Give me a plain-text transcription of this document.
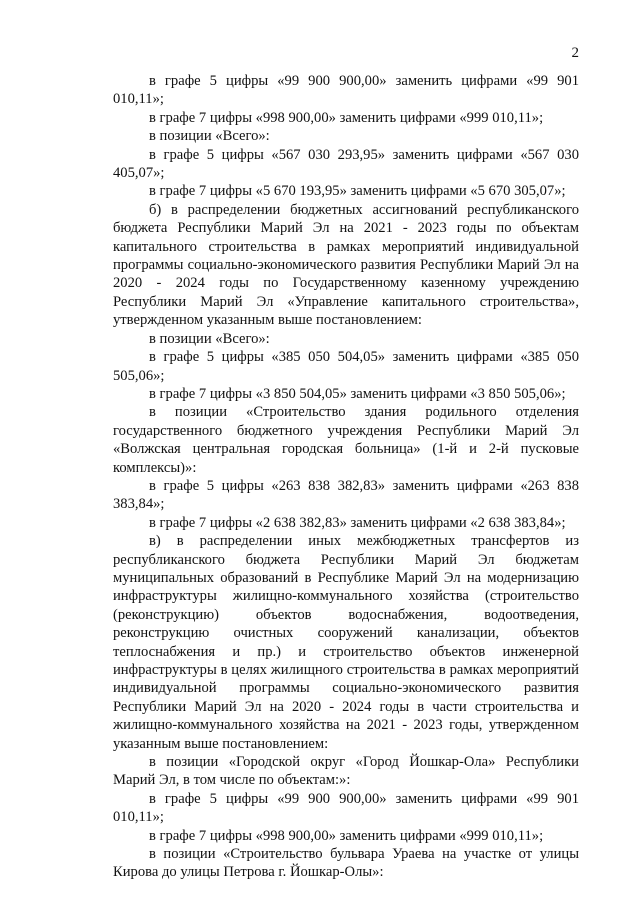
2

в графе 5 цифры «99 900 900,00» заменить цифрами «99 901 010,11»;

в графе 7 цифры «998 900,00» заменить цифрами «999 010,11»;

в позиции «Всего»:

в графе 5 цифры «567 030 293,95» заменить цифрами «567 030 405,07»;

в графе 7 цифры «5 670 193,95» заменить цифрами «5 670 305,07»;

б) в распределении бюджетных ассигнований республиканского бюджета Республики Марий Эл на 2021 - 2023 годы по объектам капитального строительства в рамках мероприятий индивидуальной программы социально-экономического развития Республики Марий Эл на 2020 - 2024 годы по Государственному казенному учреждению Республики Марий Эл «Управление капитального строительства», утвержденном указанным выше постановлением:

в позиции «Всего»:

в графе 5 цифры «385 050 504,05» заменить цифрами «385 050 505,06»;

в графе 7 цифры «3 850 504,05» заменить цифрами «3 850 505,06»;

в позиции «Строительство здания родильного отделения государственного бюджетного учреждения Республики Марий Эл «Волжская центральная городская больница» (1-й и 2-й пусковые комплексы)»:

в графе 5 цифры «263 838 382,83» заменить цифрами «263 838 383,84»;

в графе 7 цифры «2 638 382,83» заменить цифрами «2 638 383,84»;

в) в распределении иных межбюджетных трансфертов из республиканского бюджета Республики Марий Эл бюджетам муниципальных образований в Республике Марий Эл на модернизацию инфраструктуры жилищно-коммунального хозяйства (строительство (реконструкцию) объектов водоснабжения, водоотведения, реконструкцию очистных сооружений канализации, объектов теплоснабжения и пр.) и строительство объектов инженерной инфраструктуры в целях жилищного строительства в рамках мероприятий индивидуальной программы социально-экономического развития Республики Марий Эл на 2020 - 2024 годы в части строительства и жилищно-коммунального хозяйства на 2021 - 2023 годы, утвержденном указанным выше постановлением:

в позиции «Городской округ «Город Йошкар-Ола» Республики Марий Эл, в том числе по объектам:»:

в графе 5 цифры «99 900 900,00» заменить цифрами «99 901 010,11»;

в графе 7 цифры «998 900,00» заменить цифрами «999 010,11»;

в позиции «Строительство бульвара Ураева на участке от улицы Кирова до улицы Петрова г. Йошкар-Олы»:
